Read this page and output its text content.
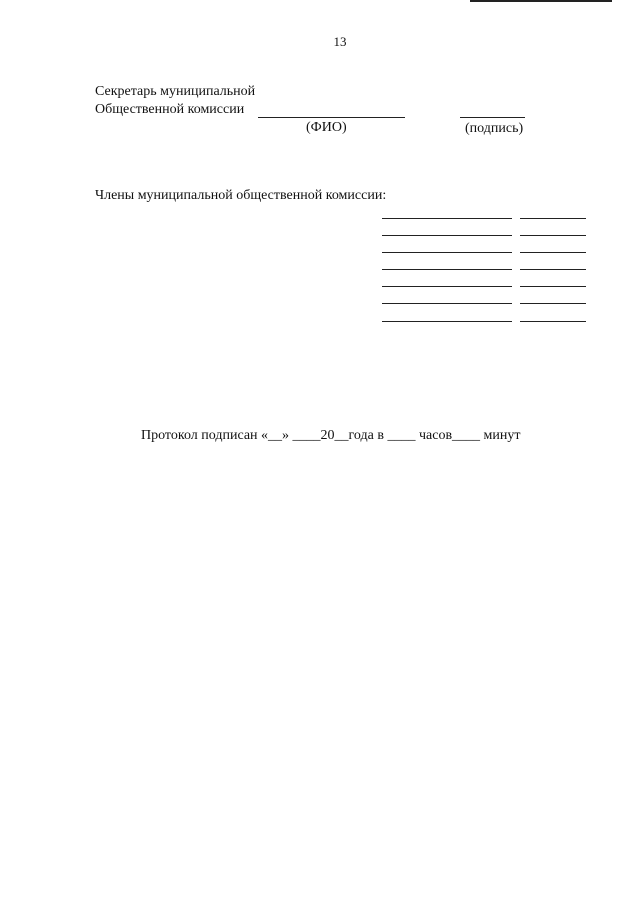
13
Секретарь муниципальной
Общественной комиссии
(ФИО)	(подпись)
Члены муниципальной общественной комиссии:
Протокол подписан «__» ____20__года в ____ часов____ минут
